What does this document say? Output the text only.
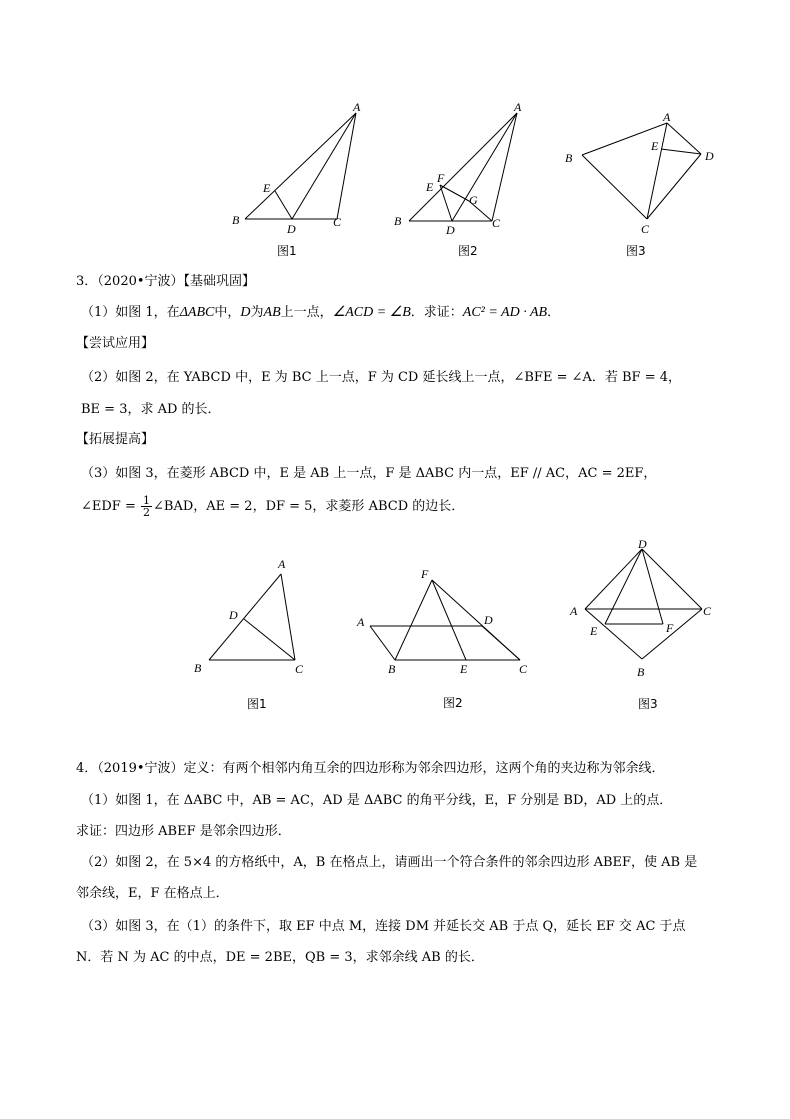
A
B	C
D
E
图1
A
B	C
D
E
F
G
图2
A
B
C
D
E
图3
3．（2020•宁波）【基础巩固】
（1）如图 1，在ΔABC中，D为AB上一点，∠ACD = ∠B．求证：AC² = AD · AB．
【尝试应用】
（2）如图 2，在 YABCD 中，E 为 BC 上一点，F 为 CD 延长线上一点，∠BFE = ∠A．若 BF = 4，
BE = 3，求 AD 的长．
【拓展提高】
（3）如图 3，在菱形 ABCD 中，E 是 AB 上一点，F 是 ΔABC 内一点，EF // AC，AC = 2EF，
∠EDF = $\frac{1}{2}$ ∠BAD，AE = 2，DF = 5，求菱形 ABCD 的边长．
A
B	C
D
图1
F
A	D
B	E	C
图2
D
A	C
E	F
B
图3
4．（2019•宁波）定义：有两个相邻内角互余的四边形称为邻余四边形，这两个角的夹边称为邻余线．
（1）如图 1，在 ΔABC 中，AB = AC，AD 是 ΔABC 的角平分线，E，F 分别是 BD，AD 上的点．
求证：四边形 ABEF 是邻余四边形．
（2）如图 2，在 5×4 的方格纸中，A，B 在格点上，请画出一个符合条件的邻余四边形 ABEF，使 AB 是
邻余线，E，F 在格点上．
（3）如图 3，在（1）的条件下，取 EF 中点 M，连接 DM 并延长交 AB 于点 Q，延长 EF 交 AC 于点
N．若 N 为 AC 的中点，DE = 2BE，QB = 3，求邻余线 AB 的长．
